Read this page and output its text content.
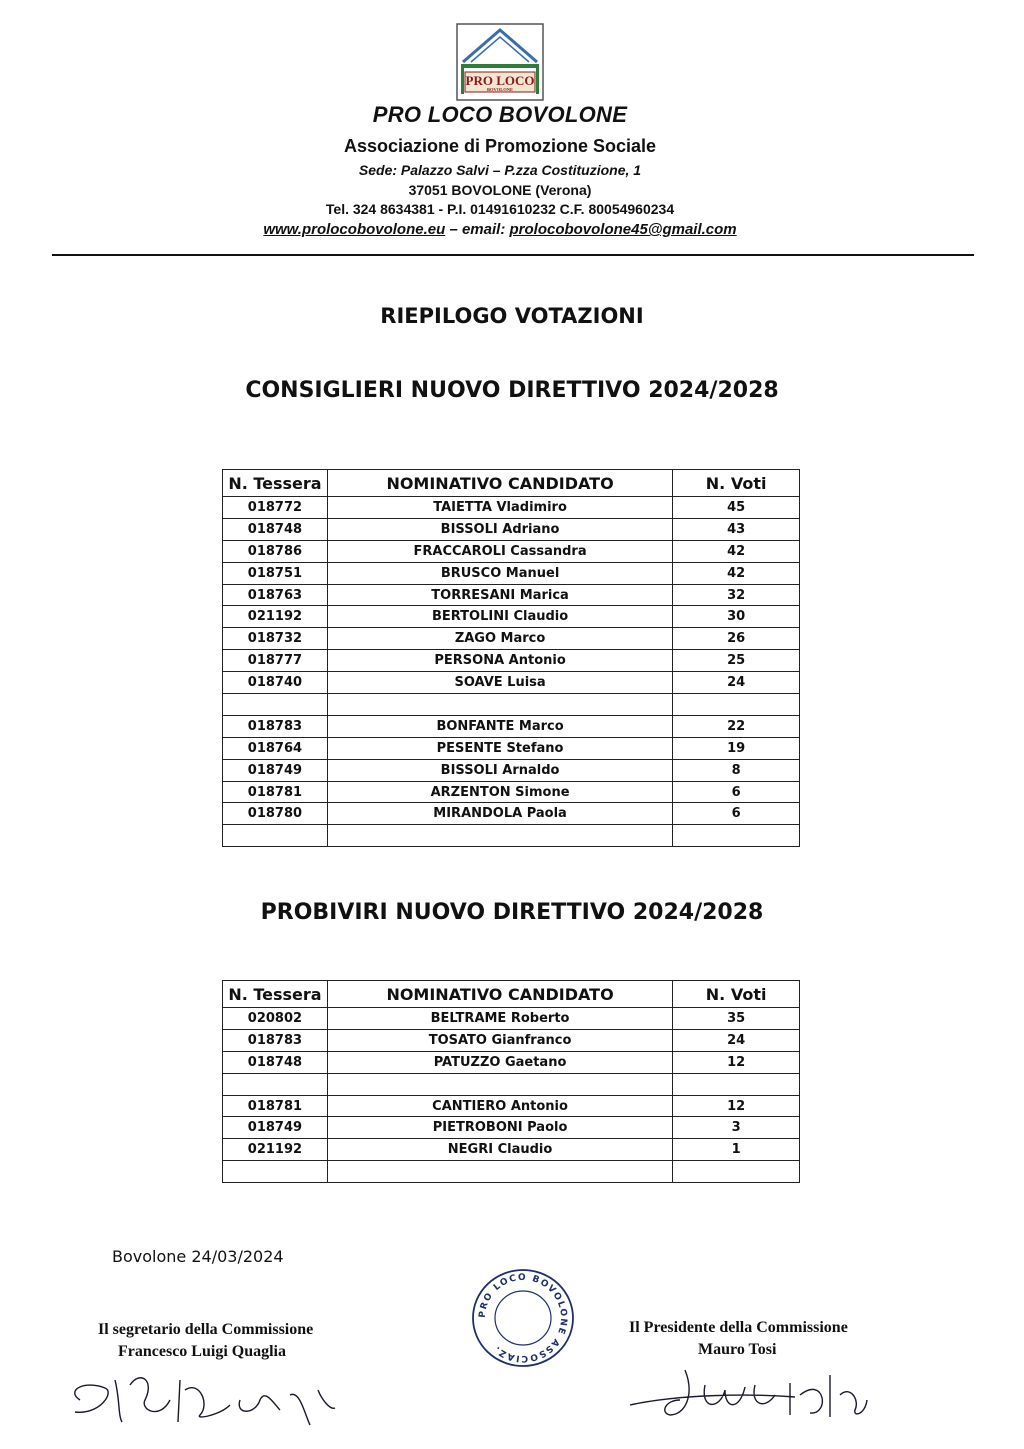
PRO LOCO
BOVOLONE
PRO LOCO BOVOLONE
Associazione di Promozione Sociale
Sede: Palazzo Salvi – P.zza Costituzione, 1
37051 BOVOLONE (Verona)
Tel. 324 8634381 - P.I. 01491610232 C.F. 80054960234
www.prolocobovolone.eu – email: prolocobovolone45@gmail.com
RIEPILOGO VOTAZIONI
CONSIGLIERI NUOVO DIRETTIVO 2024/2028
N. Tessera	NOMINATIVO CANDIDATO	N. Voti
018772	TAIETTA Vladimiro	45
018748	BISSOLI Adriano	43
018786	FRACCAROLI Cassandra	42
018751	BRUSCO Manuel	42
018763	TORRESANI Marica	32
021192	BERTOLINI Claudio	30
018732	ZAGO Marco	26
018777	PERSONA Antonio	25
018740	SOAVE Luisa	24

018783	BONFANTE Marco	22
018764	PESENTE Stefano	19
018749	BISSOLI Arnaldo	8
018781	ARZENTON Simone	6
018780	MIRANDOLA Paola	6

PROBIVIRI NUOVO DIRETTIVO 2024/2028
N. Tessera	NOMINATIVO CANDIDATO	N. Voti
020802	BELTRAME Roberto	35
018783	TOSATO Gianfranco	24
018748	PATUZZO Gaetano	12

018781	CANTIERO Antonio	12
018749	PIETROBONI Paolo	3
021192	NEGRI Claudio	1

Bovolone 24/03/2024
Il segretario della Commissione
Francesco Luigi Quaglia
PRO LOCO BOVOLONE ASSOCIAZ.
Il Presidente della Commissione
Mauro Tosi
